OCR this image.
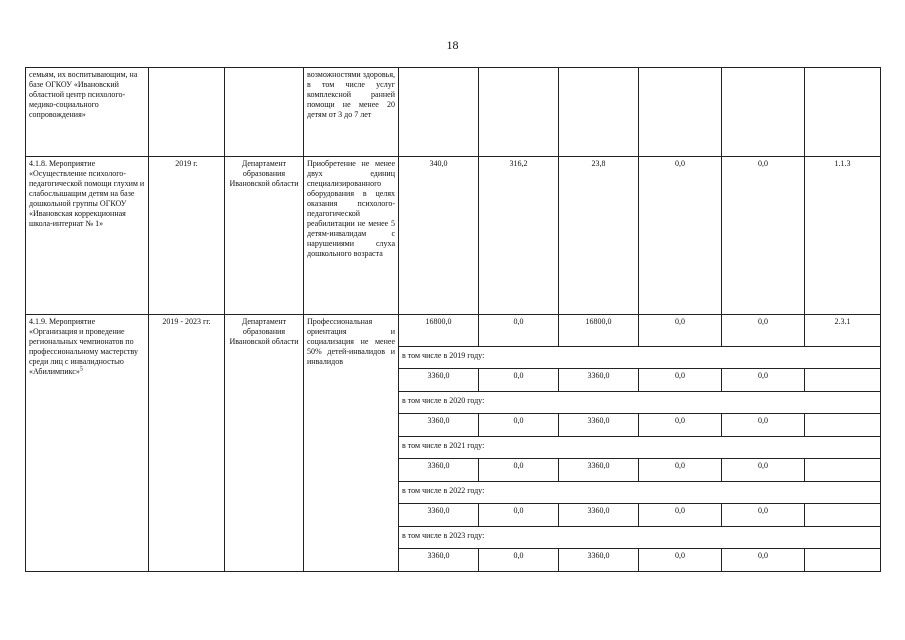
18
семьям, их воспитывающим, на базе ОГКОУ «Ивановский областной центр психолого-медико-социального сопровождения»			возможностями здоровья, в том числе услуг комплексной ранней помощи не менее 20 детям от 3 до 7 лет						
4.1.8. Мероприятие «Осуществление психолого-педагогической помощи глухим и слабослышащим детям на базе дошкольной группы ОГКОУ «Ивановская коррекционная школа-интернат № 1»	2019 г.	Департамент образования Ивановской области	Приобретение не менее двух единиц специализированного оборудования в целях оказания психолого-педагогической реабилитации не менее 5 детям-инвалидам с нарушениями слуха дошкольного возраста	340,0	316,2	23,8	0,0	0,0	1.1.3
4.1.9. Мероприятие «Организация и проведение региональных чемпионатов по профессиональному мастерству среди лиц с инвалидностью «Абилимпикс»$^5$	2019 - 2023 гг.	Департамент образования Ивановской области	Профессиональная ориентация и социализация не менее 50% детей-инвалидов и инвалидов	16800,0	0,0	16800,0	0,0	0,0	2.3.1
				в том числе в 2019 году:					
				3360,0	0,0	3360,0	0,0	0,0	
				в том числе в 2020 году:					
				3360,0	0,0	3360,0	0,0	0,0	
				в том числе в 2021 году:					
				3360,0	0,0	3360,0	0,0	0,0	
				в том числе в 2022 году:					
				3360,0	0,0	3360,0	0,0	0,0	
				в том числе в 2023 году:					
				3360,0	0,0	3360,0	0,0	0,0	
